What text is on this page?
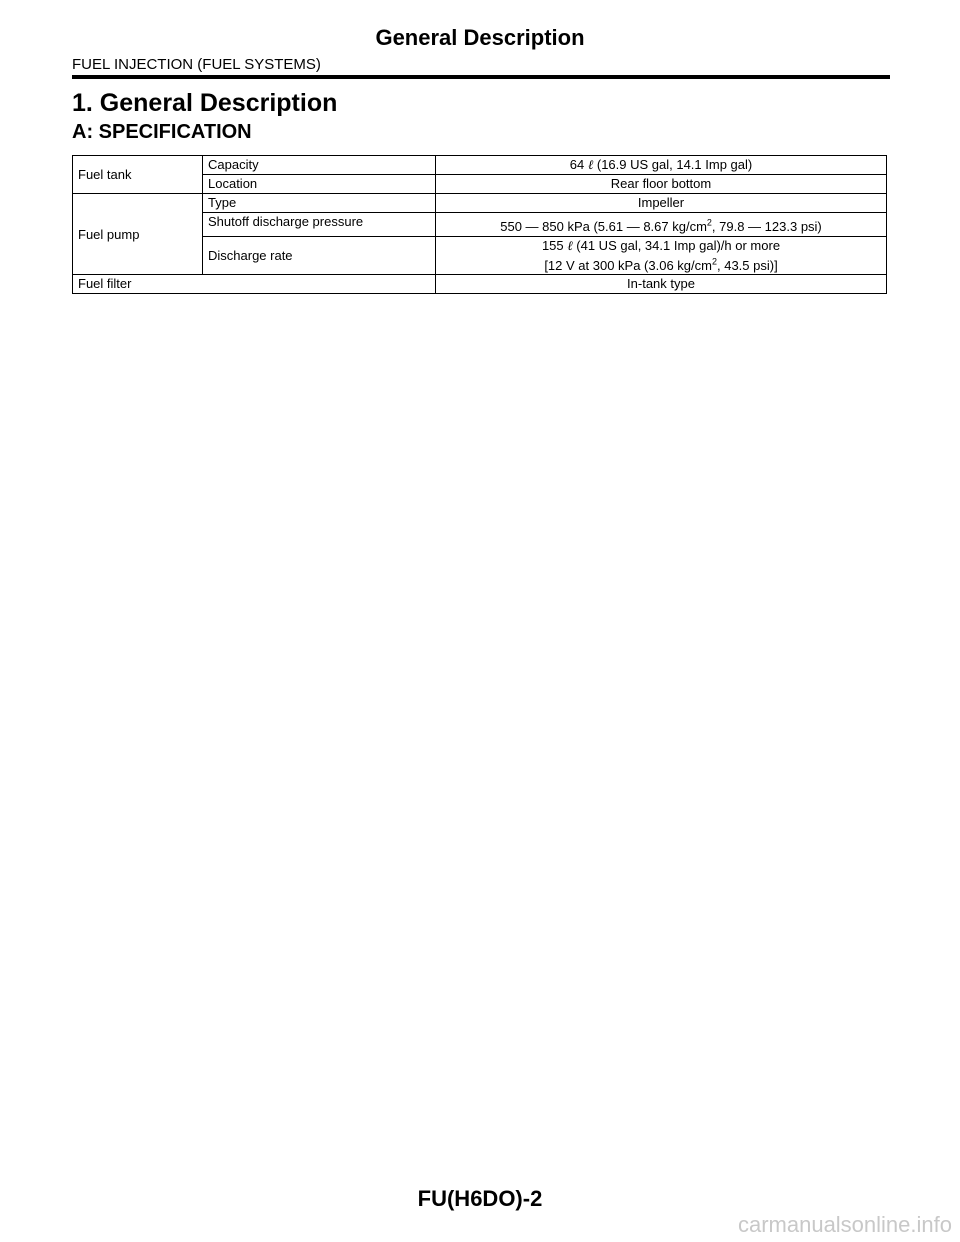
General Description
FUEL INJECTION (FUEL SYSTEMS)
1. General Description
A: SPECIFICATION
Fuel tank	Capacity	64 ℓ (16.9 US gal, 14.1 Imp gal)
	Location	Rear floor bottom
Fuel pump	Type	Impeller
	Shutoff discharge pressure	550 — 850 kPa (5.61 — 8.67 $kg/cm^2$, 79.8 — 123.3 psi)
	Discharge rate	155 ℓ (41 US gal, 34.1 Imp gal)/h or more
[12 V at 300 kPa (3.06 $kg/cm^2$, 43.5 psi)]

Fuel filter		In-tank type
FU(H6DO)-2
carmanualsonline.info
